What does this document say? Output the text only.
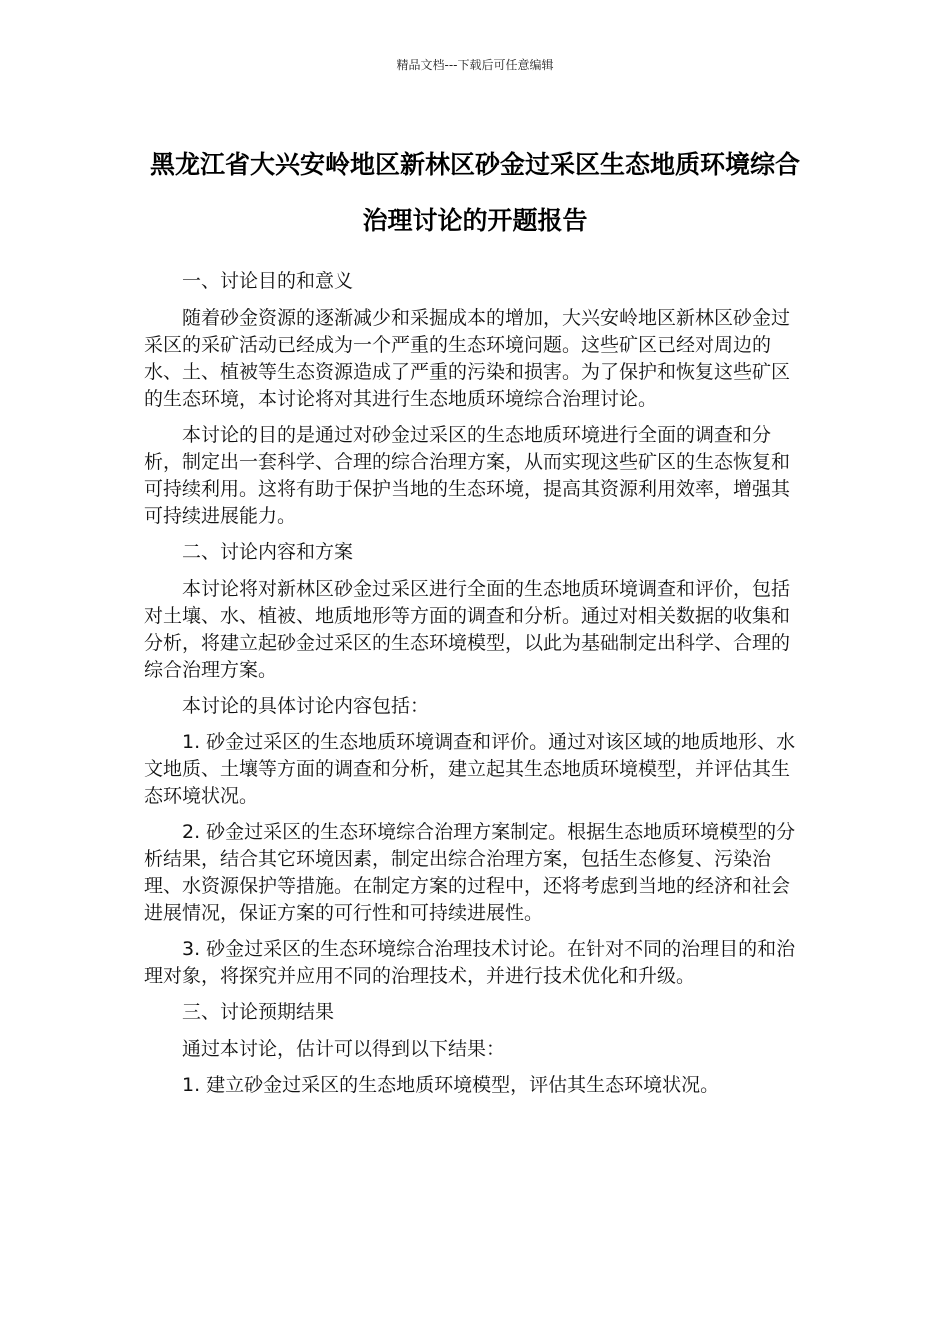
精品文档---下载后可任意编辑
黑龙江省大兴安岭地区新林区砂金过采区生态地质环境综合治理讨论的开题报告

一、讨论目的和意义

随着砂金资源的逐渐减少和采掘成本的增加，大兴安岭地区新林区砂金过采区的采矿活动已经成为一个严重的生态环境问题。这些矿区已经对周边的水、土、植被等生态资源造成了严重的污染和损害。为了保护和恢复这些矿区的生态环境，本讨论将对其进行生态地质环境综合治理讨论。

本讨论的目的是通过对砂金过采区的生态地质环境进行全面的调查和分析，制定出一套科学、合理的综合治理方案，从而实现这些矿区的生态恢复和可持续利用。这将有助于保护当地的生态环境，提高其资源利用效率，增强其可持续进展能力。

二、讨论内容和方案

本讨论将对新林区砂金过采区进行全面的生态地质环境调查和评价，包括对土壤、水、植被、地质地形等方面的调查和分析。通过对相关数据的收集和分析，将建立起砂金过采区的生态环境模型，以此为基础制定出科学、合理的综合治理方案。

本讨论的具体讨论内容包括：

1. 砂金过采区的生态地质环境调查和评价。通过对该区域的地质地形、水文地质、土壤等方面的调查和分析，建立起其生态地质环境模型，并评估其生态环境状况。

2. 砂金过采区的生态环境综合治理方案制定。根据生态地质环境模型的分析结果，结合其它环境因素，制定出综合治理方案，包括生态修复、污染治理、水资源保护等措施。在制定方案的过程中，还将考虑到当地的经济和社会进展情况，保证方案的可行性和可持续进展性。

3. 砂金过采区的生态环境综合治理技术讨论。在针对不同的治理目的和治理对象，将探究并应用不同的治理技术，并进行技术优化和升级。

三、讨论预期结果

通过本讨论，估计可以得到以下结果：

1. 建立砂金过采区的生态地质环境模型，评估其生态环境状况。
